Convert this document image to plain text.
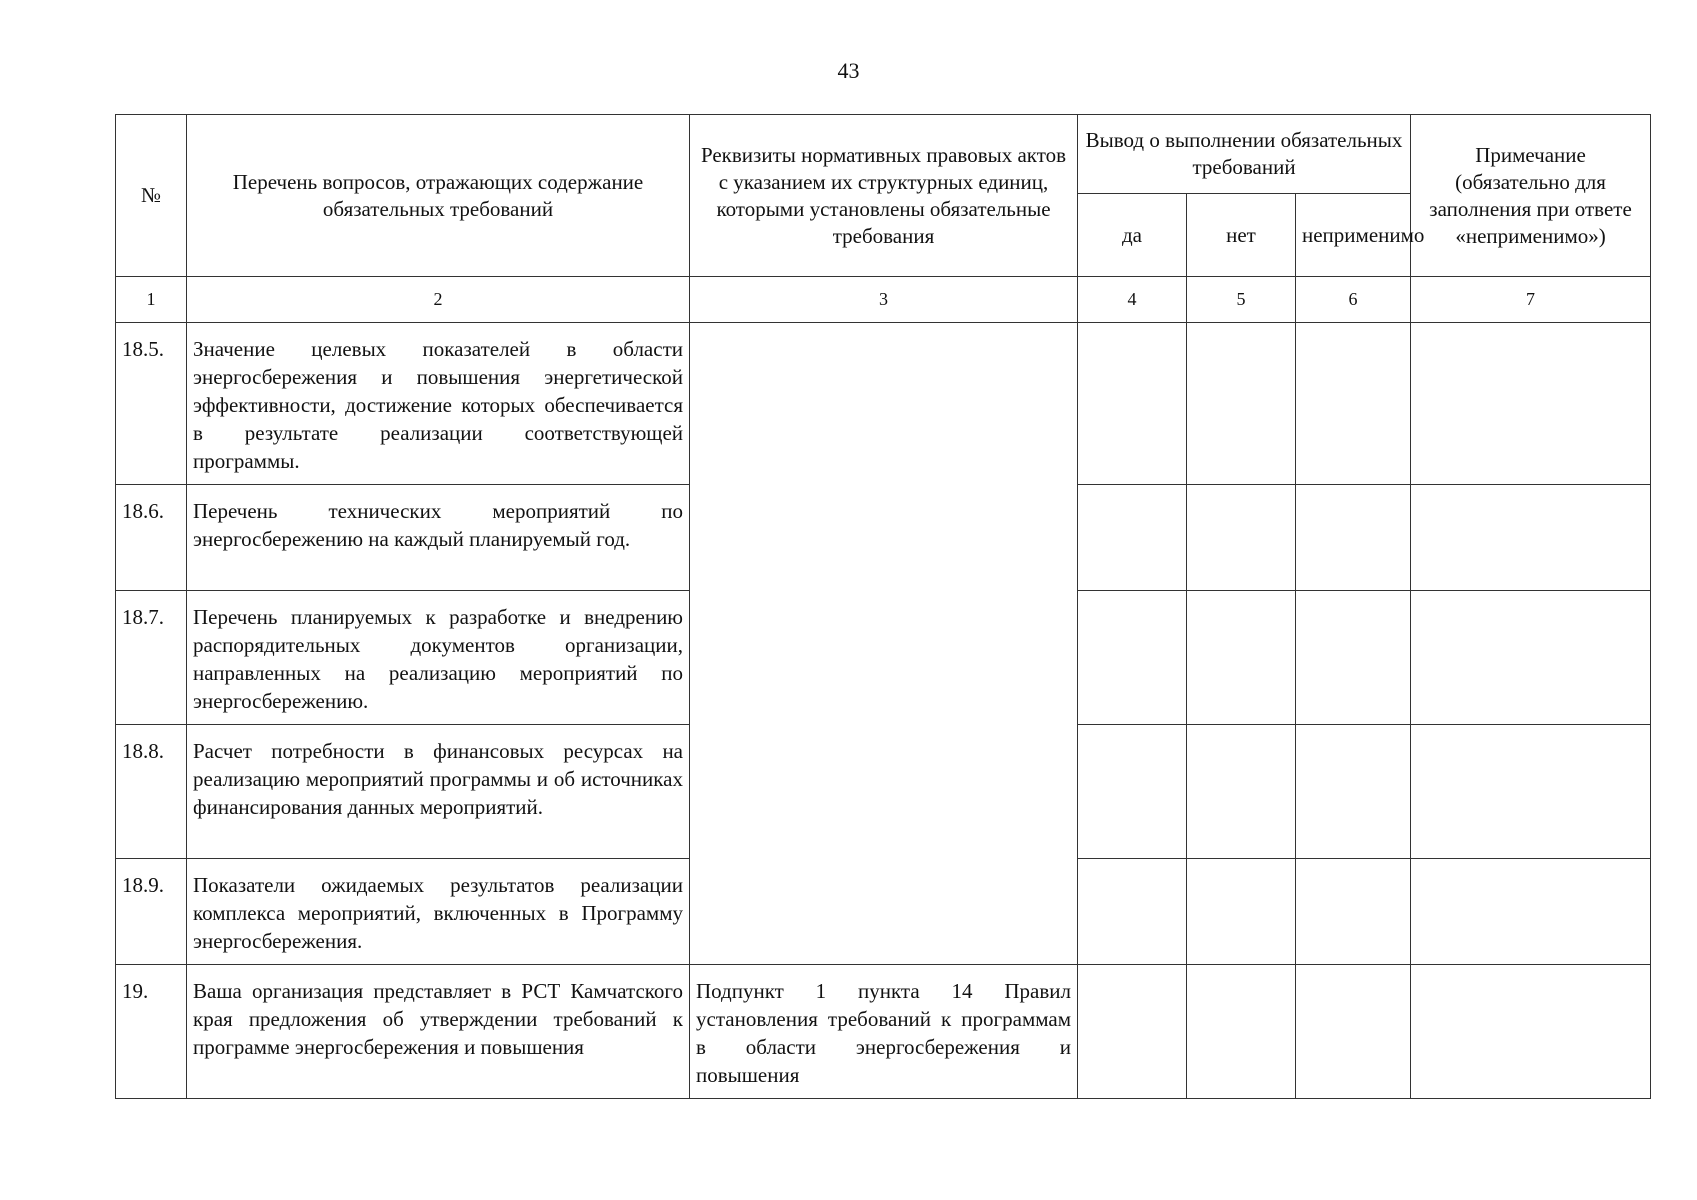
43
№	Перечень вопросов, отражающих содержание обязательных требований	Реквизиты нормативных правовых актов с указанием их структурных единиц, которыми установлены обязательные требования	Вывод о выполнении обязательных требований			Примечание (обязательно для заполнения при ответе «неприменимо»)
			да	нет	неприменимо	
1	2	3	4	5	6	7
18.5.	Значение целевых показателей в области энергосбережения и повышения энергетической эффективности, достижение которых обеспечивается в результате реализации соответствующей программы.					
18.6.	Перечень технических мероприятий по энергосбережению на каждый планируемый год.					
18.7.	Перечень планируемых к разработке и внедрению распорядительных документов организации, направленных на реализацию мероприятий по энергосбережению.					
18.8.	Расчет потребности в финансовых ресурсах на реализацию мероприятий программы и об источниках финансирования данных мероприятий.					
18.9.	Показатели ожидаемых результатов реализации комплекса мероприятий, включенных в Программу энергосбережения.					
19.	Ваша организация представляет в РСТ Камчатского края предложения об утверждении требований к программе энергосбережения и повышения	Подпункт 1 пункта 14 Правил установления требований к программам в области энергосбережения и повышения				
